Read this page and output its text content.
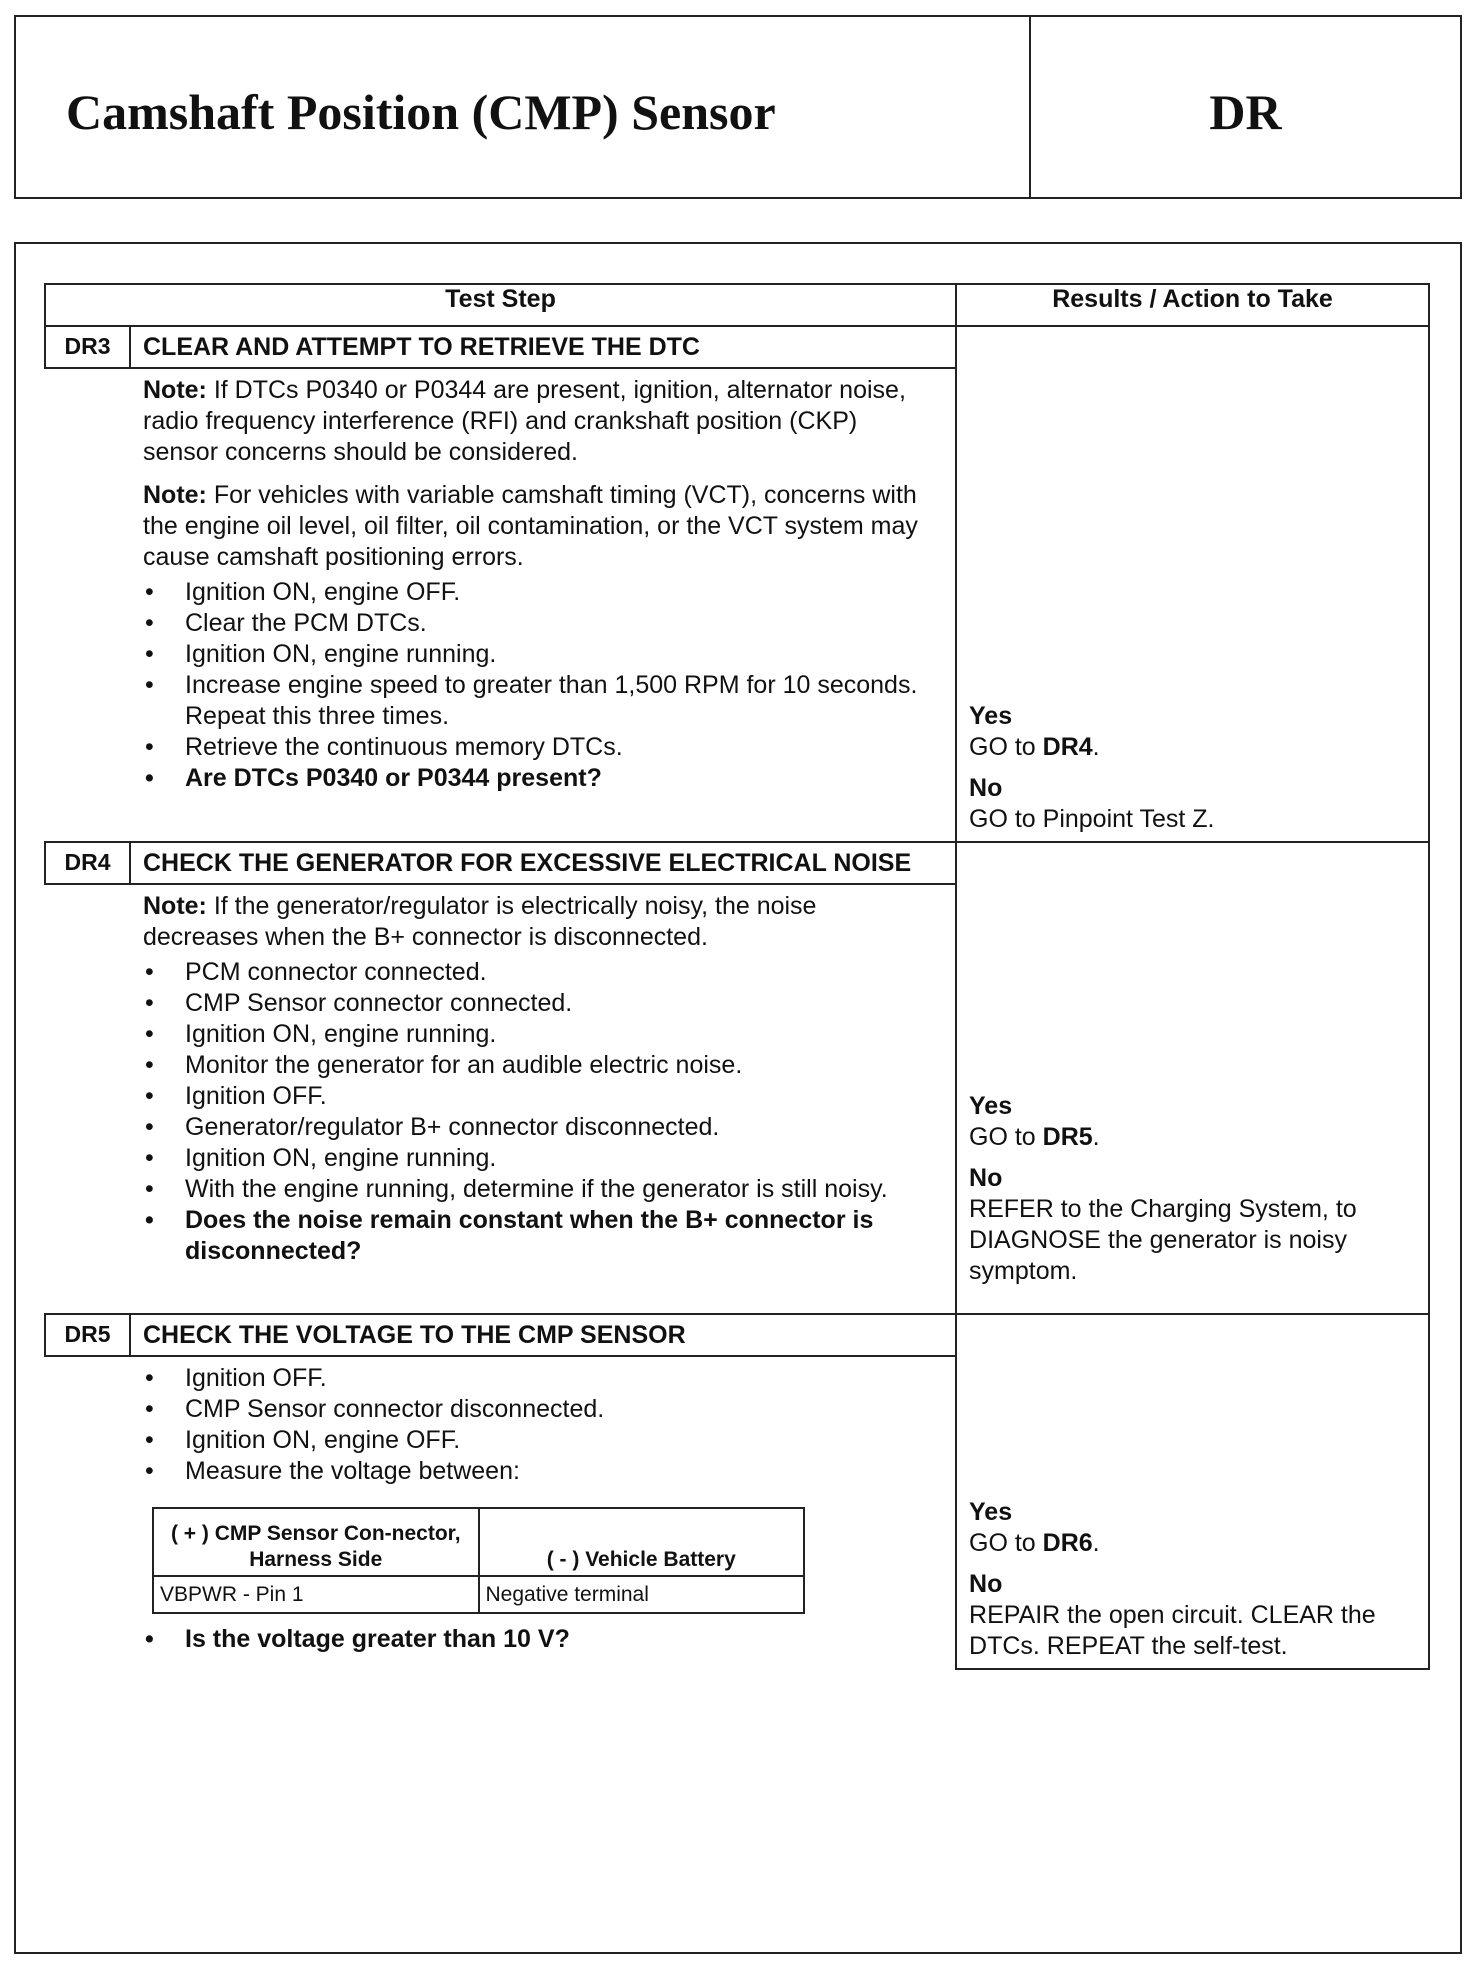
Camshaft Position (CMP) Sensor	DR
Test Step	Results / Action to Take
DR3	CLEAR AND ATTEMPT TO RETRIEVE THE DTC	
Yes
GO to DR4.
No
GO to Pinpoint Test Z.

Note: If DTCs P0340 or P0344 are present, ignition, alternator noise, radio frequency interference (RFI) and crankshaft position (CKP) sensor concerns should be considered.

Note: For vehicles with variable camshaft timing (VCT), concerns with the engine oil level, oil filter, oil contamination, or the VCT system may cause camshaft positioning errors.

• Ignition ON, engine OFF.
• Clear the PCM DTCs.
• Ignition ON, engine running.
• Increase engine speed to greater than 1,500 RPM for 10 seconds. Repeat this three times.
• Retrieve the continuous memory DTCs.
• Are DTCs P0340 or P0344 present?

DR4	CHECK THE GENERATOR FOR EXCESSIVE ELECTRICAL NOISE	
Yes
GO to DR5.
No
REFER to the Charging System, to DIAGNOSE the generator is noisy symptom.

Note: If the generator/regulator is electrically noisy, the noise decreases when the B+ connector is disconnected.

• PCM connector connected.
• CMP Sensor connector connected.
• Ignition ON, engine running.
• Monitor the generator for an audible electric noise.
• Ignition OFF.
• Generator/regulator B+ connector disconnected.
• Ignition ON, engine running.
• With the engine running, determine if the generator is still noisy.
• Does the noise remain constant when the B+ connector is disconnected?

DR5	CHECK THE VOLTAGE TO THE CMP SENSOR	
Yes
GO to DR6.
No
REPAIR the open circuit. CLEAR the DTCs. REPEAT the self-test.

• Ignition OFF.
• CMP Sensor connector disconnected.
• Ignition ON, engine OFF.
• Measure the voltage between:
( + ) CMP Sensor Con-nector, Harness Side	( - ) Vehicle Battery
VBPWR - Pin 1	Negative terminal
• Is the voltage greater than 10 V?
